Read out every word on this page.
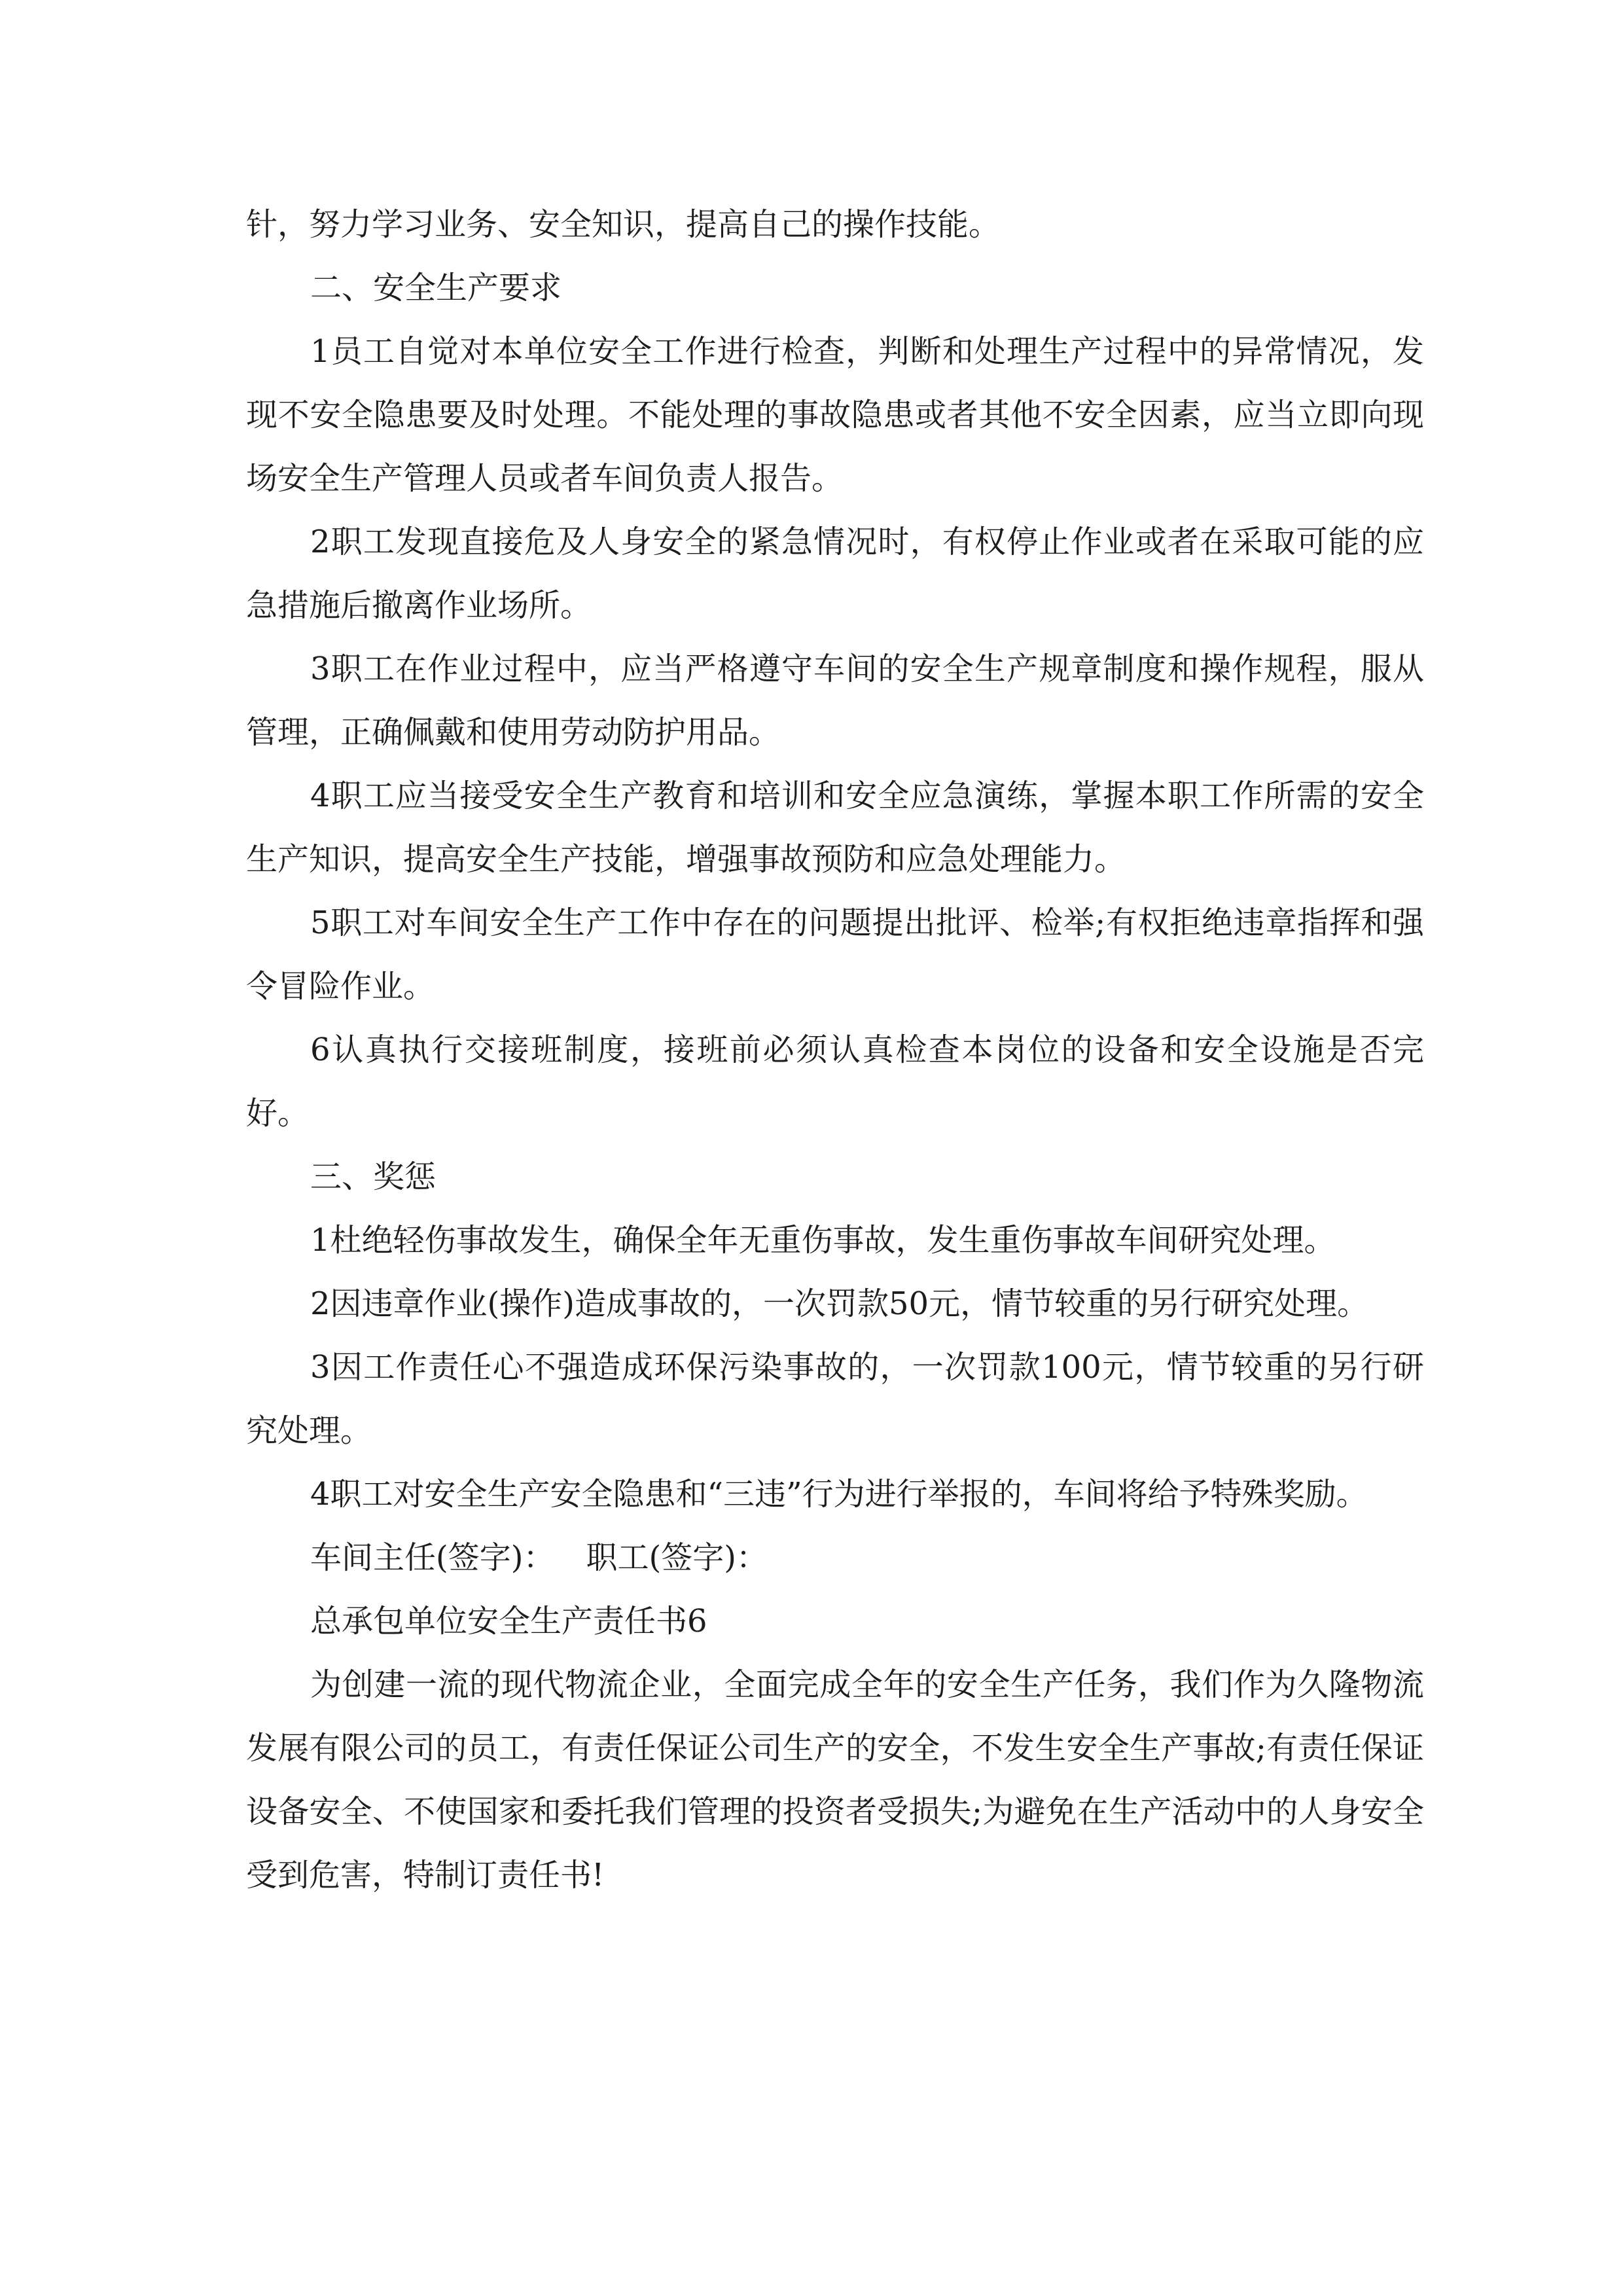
针，努力学习业务、安全知识，提高自己的操作技能。

二、安全生产要求

1员工自觉对本单位安全工作进行检查，判断和处理生产过程中的异常情况，发现不安全隐患要及时处理。不能处理的事故隐患或者其他不安全因素，应当立即向现场安全生产管理人员或者车间负责人报告。

2职工发现直接危及人身安全的紧急情况时，有权停止作业或者在采取可能的应急措施后撤离作业场所。

3职工在作业过程中，应当严格遵守车间的安全生产规章制度和操作规程，服从管理，正确佩戴和使用劳动防护用品。

4职工应当接受安全生产教育和培训和安全应急演练，掌握本职工作所需的安全生产知识，提高安全生产技能，增强事故预防和应急处理能力。

5职工对车间安全生产工作中存在的问题提出批评、检举;有权拒绝违章指挥和强令冒险作业。

6认真执行交接班制度，接班前必须认真检查本岗位的设备和安全设施是否完好。

三、奖惩

1杜绝轻伤事故发生，确保全年无重伤事故，发生重伤事故车间研究处理。

2因违章作业(操作)造成事故的，一次罚款50元，情节较重的另行研究处理。

3因工作责任心不强造成环保污染事故的，一次罚款100元，情节较重的另行研究处理。

4职工对安全生产安全隐患和“三违”行为进行举报的，车间将给予特殊奖励。

车间主任(签字)： 职工(签字)：

总承包单位安全生产责任书6

为创建一流的现代物流企业，全面完成全年的安全生产任务，我们作为久隆物流发展有限公司的员工，有责任保证公司生产的安全，不发生安全生产事故;有责任保证设备安全、不使国家和委托我们管理的投资者受损失;为避免在生产活动中的人身安全受到危害，特制订责任书!
